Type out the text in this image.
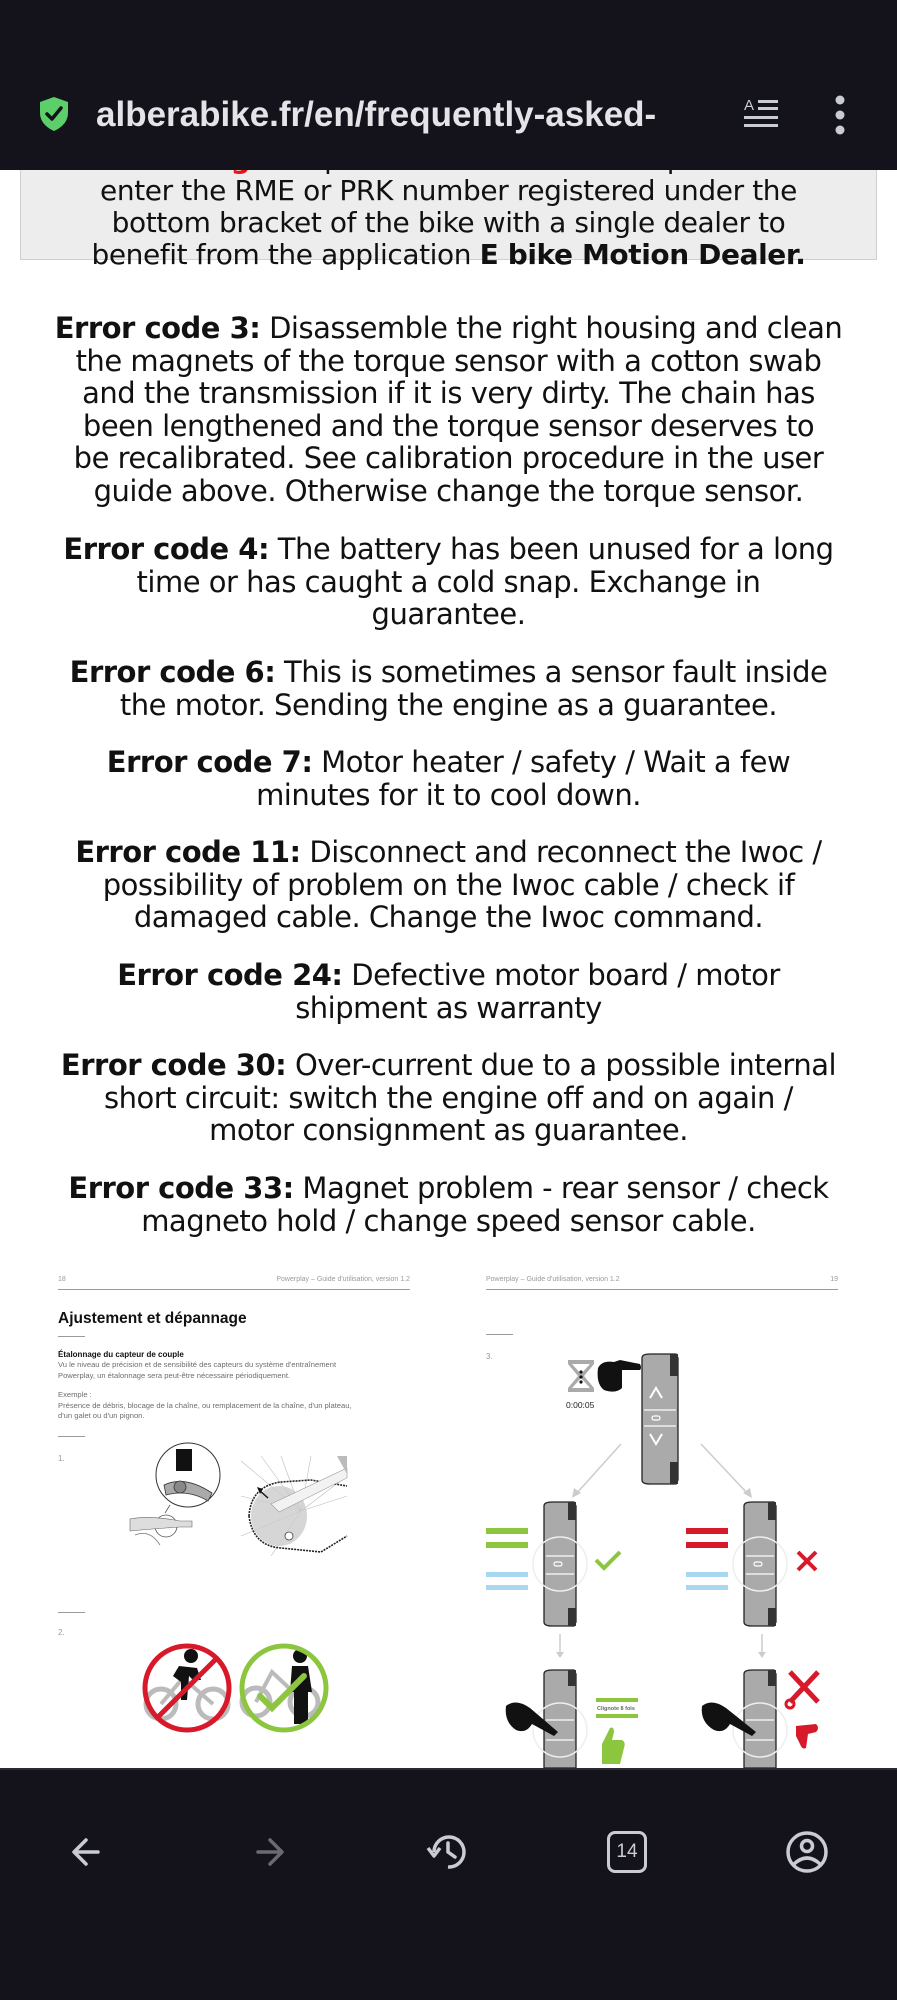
alberabike.fr/en/frequently-asked-	A
enter the RME or PRK number registered under the
bottom bracket of the bike with a single dealer to
benefit from the application E bike Motion Dealer.
Error code 3: Disassemble the right housing and clean
the magnets of the torque sensor with a cotton swab
and the transmission if it is very dirty. The chain has
been lengthened and the torque sensor deserves to
be recalibrated. See calibration procedure in the user
guide above. Otherwise change the torque sensor.
Error code 4: The battery has been unused for a long
time or has caught a cold snap. Exchange in
guarantee.
Error code 6: This is sometimes a sensor fault inside
the motor. Sending the engine as a guarantee.
Error code 7: Motor heater / safety / Wait a few
minutes for it to cool down.
Error code 11: Disconnect and reconnect the Iwoc /
possibility of problem on the Iwoc cable / check if
damaged cable. Change the Iwoc command.
Error code 24: Defective motor board / motor
shipment as warranty
Error code 30: Over-current due to a possible internal
short circuit: switch the engine off and on again /
motor consignment as guarantee.
Error code 33: Magnet problem - rear sensor / check
magneto hold / change speed sensor cable.
18	Powerplay – Guide d'utilisation, version 1.2
Ajustement et dépannage
Étalonnage du capteur de couple
Vu le niveau de précision et de sensibilité des capteurs du système d'entraînement
Powerplay, un étalonnage sera peut-être nécessaire périodiquement.
Exemple :
Présence de débris, blocage de la chaîne, ou remplacement de la chaîne, d'un plateau,
d'un galet ou d'un pignon.
1.
2.
Powerplay – Guide d'utilisation, version 1.2	19
3.
0:00:05
Clignote 8 fois
14
